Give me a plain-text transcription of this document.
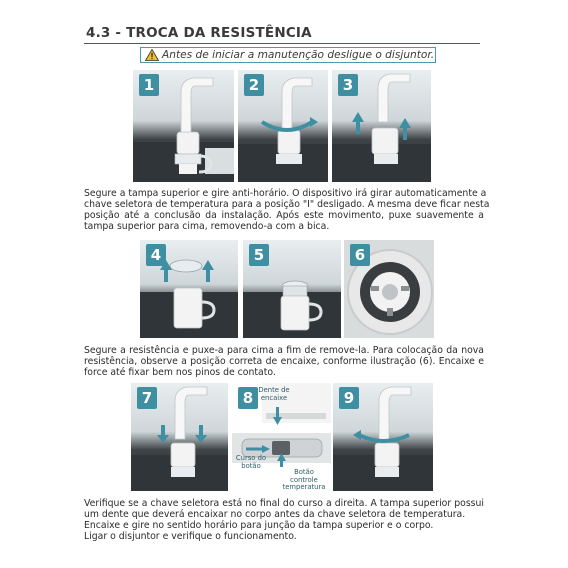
4.3 - TROCA DA RESISTÊNCIA
Antes de iniciar a manutenção desligue o disjuntor.
1	2	3
Segure a tampa superior e gire anti-horário. O dispositivo irá girar automaticamente a
chave seletora de temperatura para a posição "I" desligado. A mesma deve ficar nesta
posição até a conclusão da instalação. Após este movimento, puxe suavemente a
tampa superior para cima, removendo-a com a bica.
4	5	6
Segure a resistência e puxe-a para cima a fim de remove-la. Para colocação da nova
resistência, observe a posição correta de encaixe, conforme ilustração (6). Encaixe e
force até fixar bem nos pinos de contato.
7	8 Dente de encaixe
Curso do botão
Botão controle temperatura
9
Verifique se a chave seletora está no final do curso a direita. A tampa superior possui
um dente que deverá encaixar no corpo antes da chave seletora de temperatura.
Encaixe e gire no sentido horário para junção da tampa superior e o corpo.
Ligar o disjuntor e verifique o funcionamento.
